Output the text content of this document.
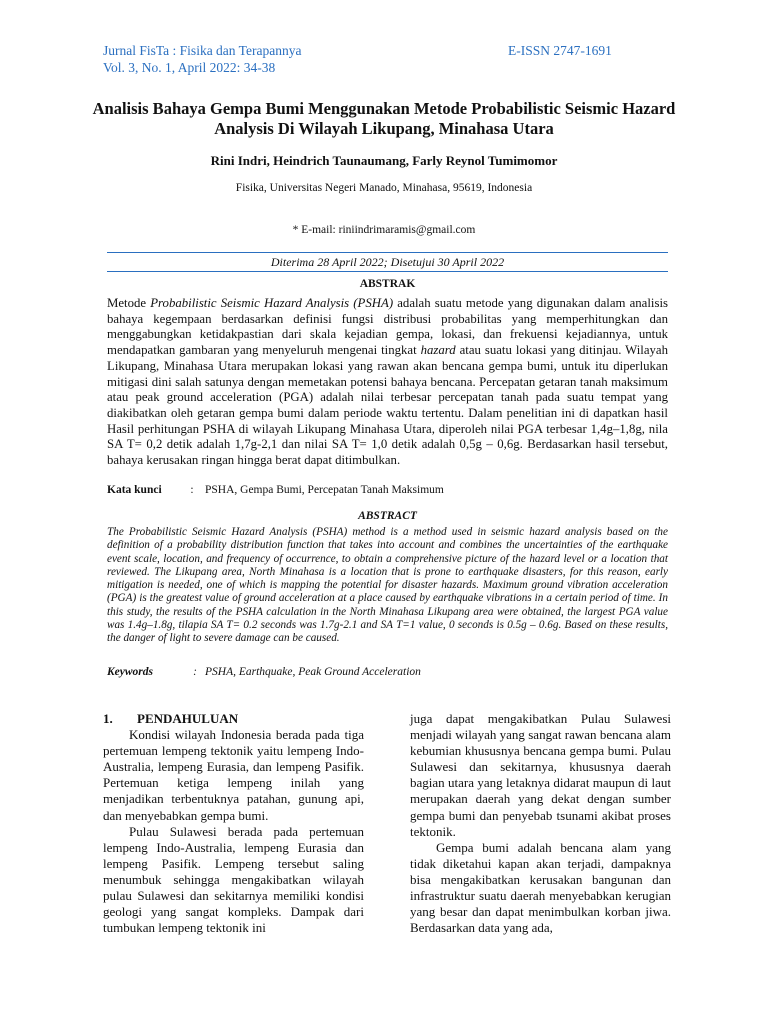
Jurnal FisTa : Fisika dan Terapannya
Vol. 3, No. 1, April 2022: 34-38
E-ISSN 2747-1691
Analisis Bahaya Gempa Bumi Menggunakan Metode Probabilistic Seismic Hazard Analysis Di Wilayah Likupang, Minahasa Utara
Rini Indri, Heindrich Taunaumang, Farly Reynol Tumimomor
Fisika, Universitas Negeri Manado, Minahasa, 95619, Indonesia
* E-mail: riniindrimaramis@gmail.com
Diterima 28 April 2022; Disetujui 30 April 2022
ABSTRAK

Metode Probabilistic Seismic Hazard Analysis (PSHA) adalah suatu metode yang digunakan dalam analisis bahaya kegempaan berdasarkan definisi fungsi distribusi probabilitas yang memperhitungkan dan menggabungkan ketidakpastian dari skala kejadian gempa, lokasi, dan frekuensi kejadiannya, untuk mendapatkan gambaran yang menyeluruh mengenai tingkat hazard atau suatu lokasi yang ditinjau. Wilayah Likupang, Minahasa Utara merupakan lokasi yang rawan akan bencana gempa bumi, untuk itu diperlukan mitigasi dini salah satunya dengan memetakan potensi bahaya bencana. Percepatan getaran tanah maksimum atau peak ground acceleration (PGA) adalah nilai terbesar percepatan tanah pada suatu tempat yang diakibatkan oleh getaran gempa bumi dalam periode waktu tertentu. Dalam penelitian ini di dapatkan hasil Hasil perhitungan PSHA di wilayah Likupang Minahasa Utara, diperoleh nilai PGA terbesar 1,4g–1,8g, nila SA T= 0,2 detik adalah 1,7g-2,1 dan nilai SA T= 1,0 detik adalah 0,5g – 0,6g. Berdasarkan hasil tersebut, bahaya kerusakan ringan hingga berat dapat ditimbulkan.

Kata kunci	: PSHA, Gempa Bumi, Percepatan Tanah Maksimum
ABSTRACT

The Probabilistic Seismic Hazard Analysis (PSHA) method is a method used in seismic hazard analysis based on the definition of a probability distribution function that takes into account and combines the uncertainties of the earthquake event scale, location, and frequency of occurrence, to obtain a comprehensive picture of the hazard level or a location that reviewed. The Likupang area, North Minahasa is a location that is prone to earthquake disasters, for this reason, early mitigation is needed, one of which is mapping the potential for disaster hazards. Maximum ground vibration acceleration (PGA) is the greatest value of ground acceleration at a place caused by earthquake vibrations in a certain period of time. In this study, the results of the PSHA calculation in the North Minahasa Likupang area were obtained, the largest PGA value was 1.4g–1.8g, tilapia SA T= 0.2 seconds was 1.7g-2.1 and SA T=1 value, 0 seconds is 0.5g – 0.6g. Based on these results, the danger of light to severe damage can be caused.

Keywords	: PSHA, Earthquake, Peak Ground Acceleration

1. PENDAHULUAN

Kondisi wilayah Indonesia berada pada tiga pertemuan lempeng tektonik yaitu lempeng Indo-Australia, lempeng Eurasia, dan lempeng Pasifik. Pertemuan ketiga lempeng inilah yang menjadikan terbentuknya patahan, gunung api, dan menyebabkan gempa bumi.

Pulau Sulawesi berada pada pertemuan lempeng Indo-Australia, lempeng Eurasia dan lempeng Pasifik. Lempeng tersebut saling menumbuk sehingga mengakibatkan wilayah pulau Sulawesi dan sekitarnya memiliki kondisi geologi yang sangat kompleks. Dampak dari tumbukan lempeng tektonik ini

juga dapat mengakibatkan Pulau Sulawesi menjadi wilayah yang sangat rawan bencana alam kebumian khususnya bencana gempa bumi. Pulau Sulawesi dan sekitarnya, khususnya daerah bagian utara yang letaknya didarat maupun di laut merupakan daerah yang dekat dengan sumber gempa bumi dan penyebab tsunami akibat proses tektonik.

Gempa bumi adalah bencana alam yang tidak diketahui kapan akan terjadi, dampaknya bisa mengakibatkan kerusakan bangunan dan infrastruktur suatu daerah menyebabkan kerugian yang besar dan dapat menimbulkan korban jiwa. Berdasarkan data yang ada,
